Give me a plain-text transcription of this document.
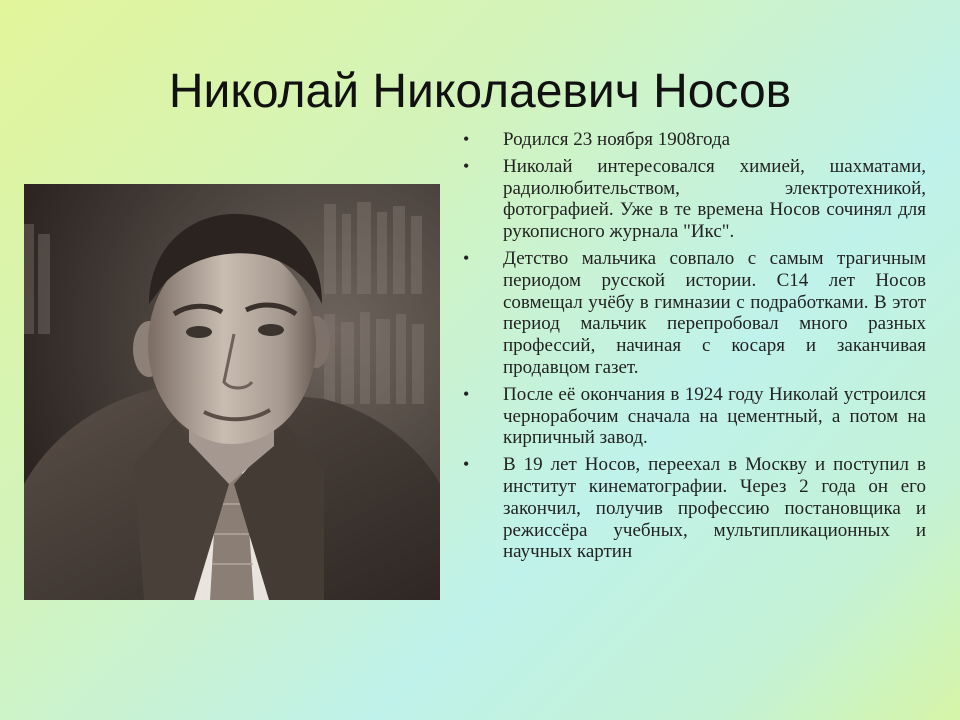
Николай Николаевич Носов
• Родился 23 ноября 1908года
• Николай интересовался химией, шахматами, радиолюбительством, электротехникой, фотографией. Уже в те времена Носов сочинял для рукописного журнала "Икс".
• Детство мальчика совпало с самым трагичным периодом русской истории. С14 лет Носов совмещал учёбу в гимназии с подработками. В этот период мальчик перепробовал много разных профессий, начиная с косаря и заканчивая продавцом газет.
• После её окончания в 1924 году Николай устроился чернорабочим сначала на цементный, а потом на кирпичный завод.
• В 19 лет Носов, переехал в Москву и поступил в институт кинематографии. Через 2 года он его закончил, получив профессию постановщика и режиссёра учебных, мультипликационных и научных картин
